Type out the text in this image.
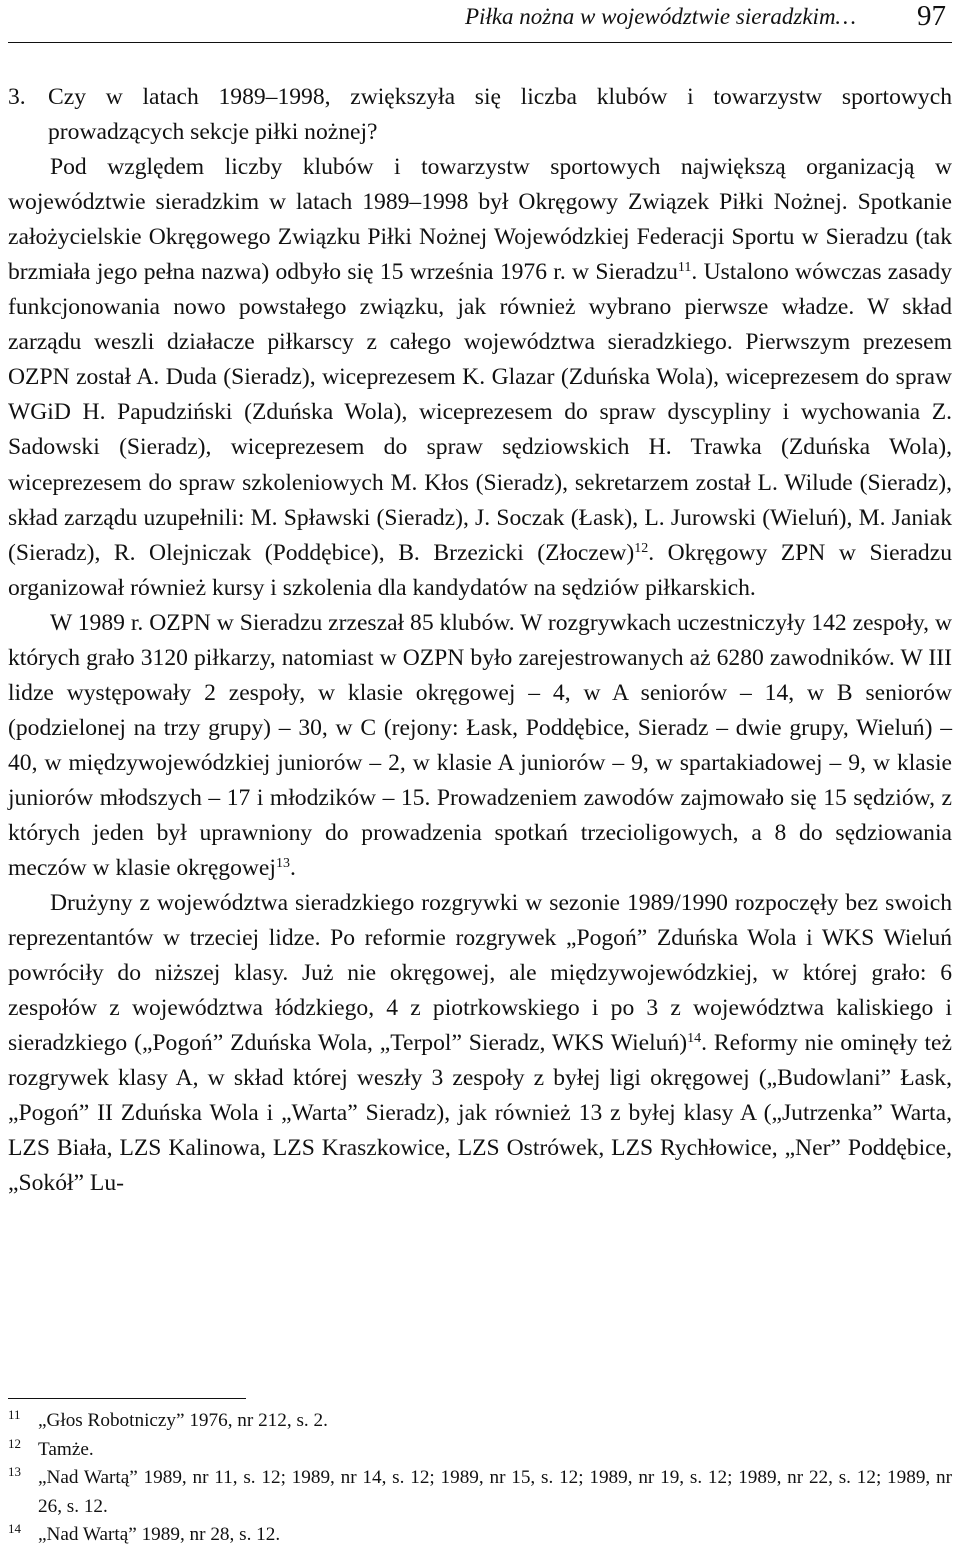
Piłka nożna w województwie sieradzkim… 97
3. Czy w latach 1989–1998, zwiększyła się liczba klubów i towarzystw sportowych prowadzących sekcje piłki nożnej?

Pod względem liczby klubów i towarzystw sportowych największą organizacją w województwie sieradzkim w latach 1989–1998 był Okręgowy Związek Piłki Nożnej. Spotkanie założycielskie Okręgowego Związku Piłki Nożnej Wojewódzkiej Federacji Sportu w Sieradzu (tak brzmiała jego pełna nazwa) odbyło się 15 września 1976 r. w Sieradzu$^{11}$. Ustalono wówczas zasady funkcjonowania nowo powstałego związku, jak również wybrano pierwsze władze. W skład zarządu weszli działacze piłkarscy z całego województwa sieradzkiego. Pierwszym prezesem OZPN został A. Duda (Sieradz), wiceprezesem K. Glazar (Zduńska Wola), wiceprezesem do spraw WGiD H. Papudziński (Zduńska Wola), wiceprezesem do spraw dyscypliny i wychowania Z. Sadowski (Sieradz), wiceprezesem do spraw sędziowskich H. Trawka (Zduńska Wola), wiceprezesem do spraw szkoleniowych M. Kłos (Sieradz), sekretarzem został L. Wilude (Sieradz), skład zarządu uzupełnili: M. Spławski (Sieradz), J. Soczak (Łask), L. Jurowski (Wieluń), M. Janiak (Sieradz), R. Olejniczak (Poddębice), B. Brzezicki (Złoczew)$^{12}$. Okręgowy ZPN w Sieradzu organizował również kursy i szkolenia dla kandydatów na sędziów piłkarskich.

W 1989 r. OZPN w Sieradzu zrzeszał 85 klubów. W rozgrywkach uczestniczyły 142 zespoły, w których grało 3120 piłkarzy, natomiast w OZPN było zarejestrowanych aż 6280 zawodników. W III lidze występowały 2 zespoły, w klasie okręgowej – 4, w A seniorów – 14, w B seniorów (podzielonej na trzy grupy) – 30, w C (rejony: Łask, Poddębice, Sieradz – dwie grupy, Wieluń) – 40, w międzywojewódzkiej juniorów – 2, w klasie A juniorów – 9, w spartakiadowej – 9, w klasie juniorów młodszych – 17 i młodzików – 15. Prowadzeniem zawodów zajmowało się 15 sędziów, z których jeden był uprawniony do prowadzenia spotkań trzecioligowych, a 8 do sędziowania meczów w klasie okręgowej$^{13}$.

Drużyny z województwa sieradzkiego rozgrywki w sezonie 1989/1990 rozpoczęły bez swoich reprezentantów w trzeciej lidze. Po reformie rozgrywek „Pogoń” Zduńska Wola i WKS Wieluń powróciły do niższej klasy. Już nie okręgowej, ale międzywojewódzkiej, w której grało: 6 zespołów z województwa łódzkiego, 4 z piotrkowskiego i po 3 z województwa kaliskiego i sieradzkiego („Pogoń” Zduńska Wola, „Terpol” Sieradz, WKS Wieluń)$^{14}$. Reformy nie ominęły też rozgrywek klasy A, w skład której weszły 3 zespoły z byłej ligi okręgowej („Budowlani” Łask, „Pogoń” II Zduńska Wola i „Warta” Sieradz), jak również 13 z byłej klasy A („Jutrzenka” Warta, LZS Biała, LZS Kalinowa, LZS Kraszkowice, LZS Ostrówek, LZS Rychłowice, „Ner” Poddębice, „Sokół” Lu-

11 „Głos Robotniczy” 1976, nr 212, s. 2.
12 Tamże.
13 „Nad Wartą” 1989, nr 11, s. 12; 1989, nr 14, s. 12; 1989, nr 15, s. 12; 1989, nr 19, s. 12; 1989, nr 22, s. 12; 1989, nr 26, s. 12.
14 „Nad Wartą” 1989, nr 28, s. 12.
